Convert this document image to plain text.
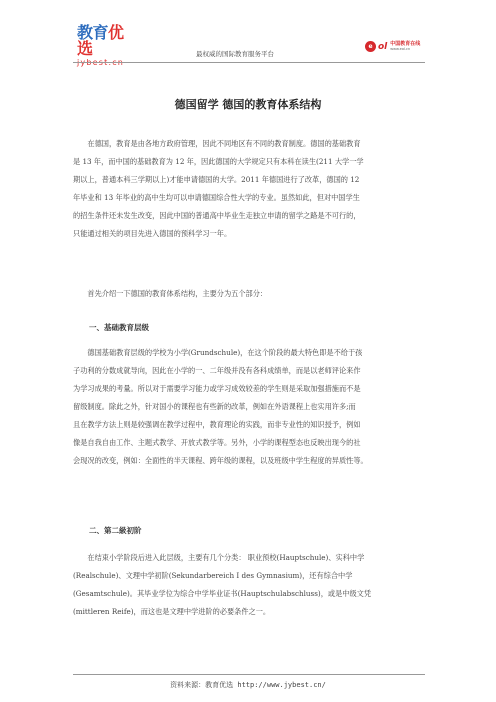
教育优选
jybest.cn
最权威的国际教育服务平台
e ol 中国教育在线
www.eol.cn
德国留学 德国的教育体系结构
　　在德国，教育是由各地方政府管理，因此不同地区有不同的教育制度。德国的基础教育
是 13 年，而中国的基础教育为 12 年，因此德国的大学规定只有本科在读生(211 大学一学
期以上，普通本科三学期以上)才能申请德国的大学。2011 年德国进行了改革，德国的 12
年毕业和 13 年毕业的高中生均可以申请德国综合性大学的专业。虽然如此，但对中国学生
的招生条件还未发生改变，因此中国的普通高中毕业生走独立申请的留学之路是不可行的，
只能通过相关的项目先进入德国的预科学习一年。
　　首先介绍一下德国的教育体系结构，主要分为五个部分：
一、基础教育层级
　　德国基础教育层级的学校为小学(Grundschule)，在这个阶段的最大特色即是不给于孩
子功利的分数成就导向，因此在小学的一、二年级并没有各科成绩单，而是以老师评论来作
为学习成果的考量。所以对于需要学习能力或学习成效较差的学生则是采取加强措施而不是
留级制度。除此之外，针对国小的课程也有些新的改革，例如在外语课程上也实用许多;而
且在教学方法上则是较强调在教学过程中，教育理论的实践，而非专业性的知识授予，例如
像是自我自由工作、主题式教学、开放式教学等。另外，小学的课程型态也反映出现今的社
会现况的改变，例如：全面性的半天课程、跨年级的课程，以及班级中学生程度的异质性等。
二、第二級初阶
　　在结束小学阶段后进入此层级，主要有几个分类： 职业预校(Hauptschule)、实科中学
(Realschule)、文理中学初阶(Sekundarbereich I des Gymnasium)，还有综合中学
(Gesamtschule)。其毕业学位为综合中学毕业证书(Hauptschulabschluss)，或是中级文凭
(mittleren Reife)，而这也是文理中学进阶的必要条件之一。
资料来源：教育优选 http://www.jybest.cn/
